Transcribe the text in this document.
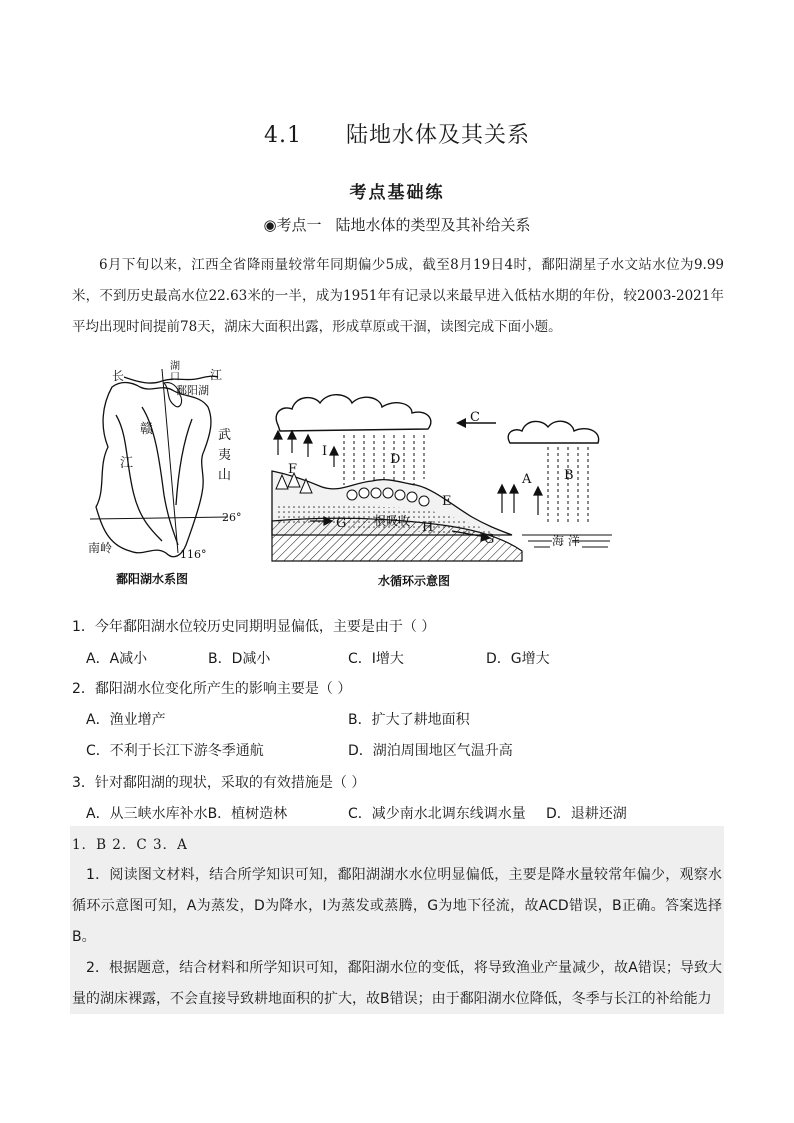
4.1 陆地水体及其关系
考点基础练
◉考点一 陆地水体的类型及其补给关系
6月下旬以来，江西全省降雨量较常年同期偏少5成，截至8月19日4时，鄱阳湖星子水文站水位为9.99米，不到历史最高水位22.63米的一半，成为1951年有记录以来最早进入低枯水期的年份，较2003-2021年平均出现时间提前78天，湖床大面积出露，形成草原或干涸，读图完成下面小题。
长	江
湖
口
鄱阳湖
赣
江
武
夷
山
26°
116°
南岭
鄱阳湖水系图
C
A	B
D
E
F
I
G
G
H
根吸收
海 洋
水循环示意图
1．今年鄱阳湖水位较历史同期明显偏低，主要是由于（ ）
A．A减小	B．D减小	C．I增大	D．G增大
2．鄱阳湖水位变化所产生的影响主要是（ ）
A．渔业增产	B．扩大了耕地面积
C．不利于长江下游冬季通航	D．湖泊周围地区气温升高
3．针对鄱阳湖的现状，采取的有效措施是（ ）
A．从三峡水库补水B．植树造林	C．减少南水北调东线调水量 D．退耕还湖
1．B 2．C 3．A
1．阅读图文材料，结合所学知识可知，鄱阳湖湖水水位明显偏低，主要是降水量较常年偏少，观察水循环示意图可知，A为蒸发，D为降水，I为蒸发或蒸腾，G为地下径流，故ACD错误，B正确。答案选择B。
2．根据题意，结合材料和所学知识可知，鄱阳湖水位的变低，将导致渔业产量减少，故A错误；导致大量的湖床裸露，不会直接导致耕地面积的扩大，故B错误；由于鄱阳湖水位降低，冬季与长江的补给能力
